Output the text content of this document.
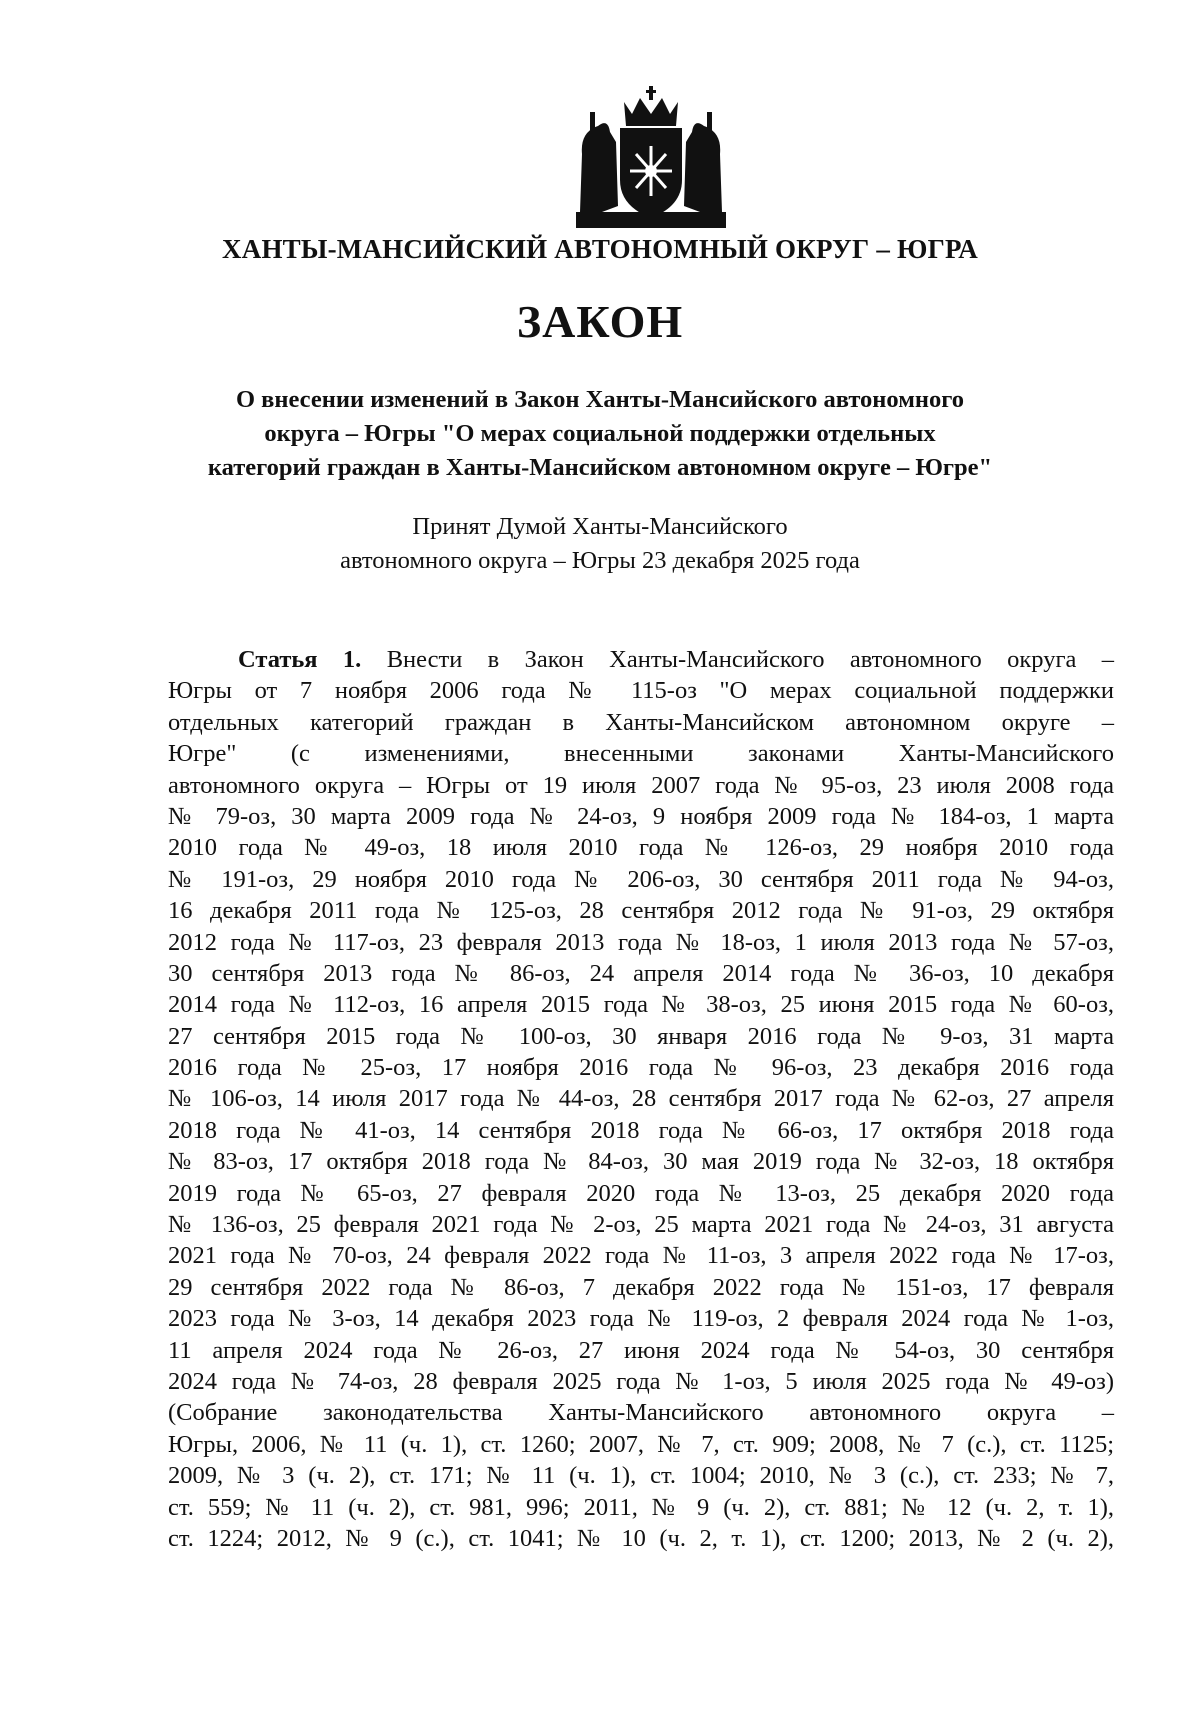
ХАНТЫ-МАНСИЙСКИЙ АВТОНОМНЫЙ ОКРУГ – ЮГРА
ЗАКОН
О внесении изменений в Закон Ханты-Мансийского автономного
округа – Югры "О мерах социальной поддержки отдельных
категорий граждан в Ханты-Мансийском автономном округе – Югре"
Принят Думой Ханты-Мансийского
автономного округа – Югры 23 декабря 2025 года
Статья 1. Внести в Закон Ханты-Мансийского автономного округа –
Югры от 7 ноября 2006 года № 115-оз "О мерах социальной поддержки
отдельных категорий граждан в Ханты-Мансийском автономном округе –
Югре" (с изменениями, внесенными законами Ханты-Мансийского
автономного округа – Югры от 19 июля 2007 года № 95-оз, 23 июля 2008 года
№ 79-оз, 30 марта 2009 года № 24-оз, 9 ноября 2009 года № 184-оз, 1 марта
2010 года № 49-оз, 18 июля 2010 года № 126-оз, 29 ноября 2010 года
№ 191-оз, 29 ноября 2010 года № 206-оз, 30 сентября 2011 года № 94-оз,
16 декабря 2011 года № 125-оз, 28 сентября 2012 года № 91-оз, 29 октября
2012 года № 117-оз, 23 февраля 2013 года № 18-оз, 1 июля 2013 года № 57-оз,
30 сентября 2013 года № 86-оз, 24 апреля 2014 года № 36-оз, 10 декабря
2014 года № 112-оз, 16 апреля 2015 года № 38-оз, 25 июня 2015 года № 60-оз,
27 сентября 2015 года № 100-оз, 30 января 2016 года № 9-оз, 31 марта
2016 года № 25-оз, 17 ноября 2016 года № 96-оз, 23 декабря 2016 года
№ 106-оз, 14 июля 2017 года № 44-оз, 28 сентября 2017 года № 62-оз, 27 апреля
2018 года № 41-оз, 14 сентября 2018 года № 66-оз, 17 октября 2018 года
№ 83-оз, 17 октября 2018 года № 84-оз, 30 мая 2019 года № 32-оз, 18 октября
2019 года № 65-оз, 27 февраля 2020 года № 13-оз, 25 декабря 2020 года
№ 136-оз, 25 февраля 2021 года № 2-оз, 25 марта 2021 года № 24-оз, 31 августа
2021 года № 70-оз, 24 февраля 2022 года № 11-оз, 3 апреля 2022 года № 17-оз,
29 сентября 2022 года № 86-оз, 7 декабря 2022 года № 151-оз, 17 февраля
2023 года № 3-оз, 14 декабря 2023 года № 119-оз, 2 февраля 2024 года № 1-оз,
11 апреля 2024 года № 26-оз, 27 июня 2024 года № 54-оз, 30 сентября
2024 года № 74-оз, 28 февраля 2025 года № 1-оз, 5 июля 2025 года № 49-оз)
(Собрание законодательства Ханты-Мансийского автономного округа –
Югры, 2006, № 11 (ч. 1), ст. 1260; 2007, № 7, ст. 909; 2008, № 7 (с.), ст. 1125;
2009, № 3 (ч. 2), ст. 171; № 11 (ч. 1), ст. 1004; 2010, № 3 (с.), ст. 233; № 7,
ст. 559; № 11 (ч. 2), ст. 981, 996; 2011, № 9 (ч. 2), ст. 881; № 12 (ч. 2, т. 1),
ст. 1224; 2012, № 9 (с.), ст. 1041; № 10 (ч. 2, т. 1), ст. 1200; 2013, № 2 (ч. 2),
